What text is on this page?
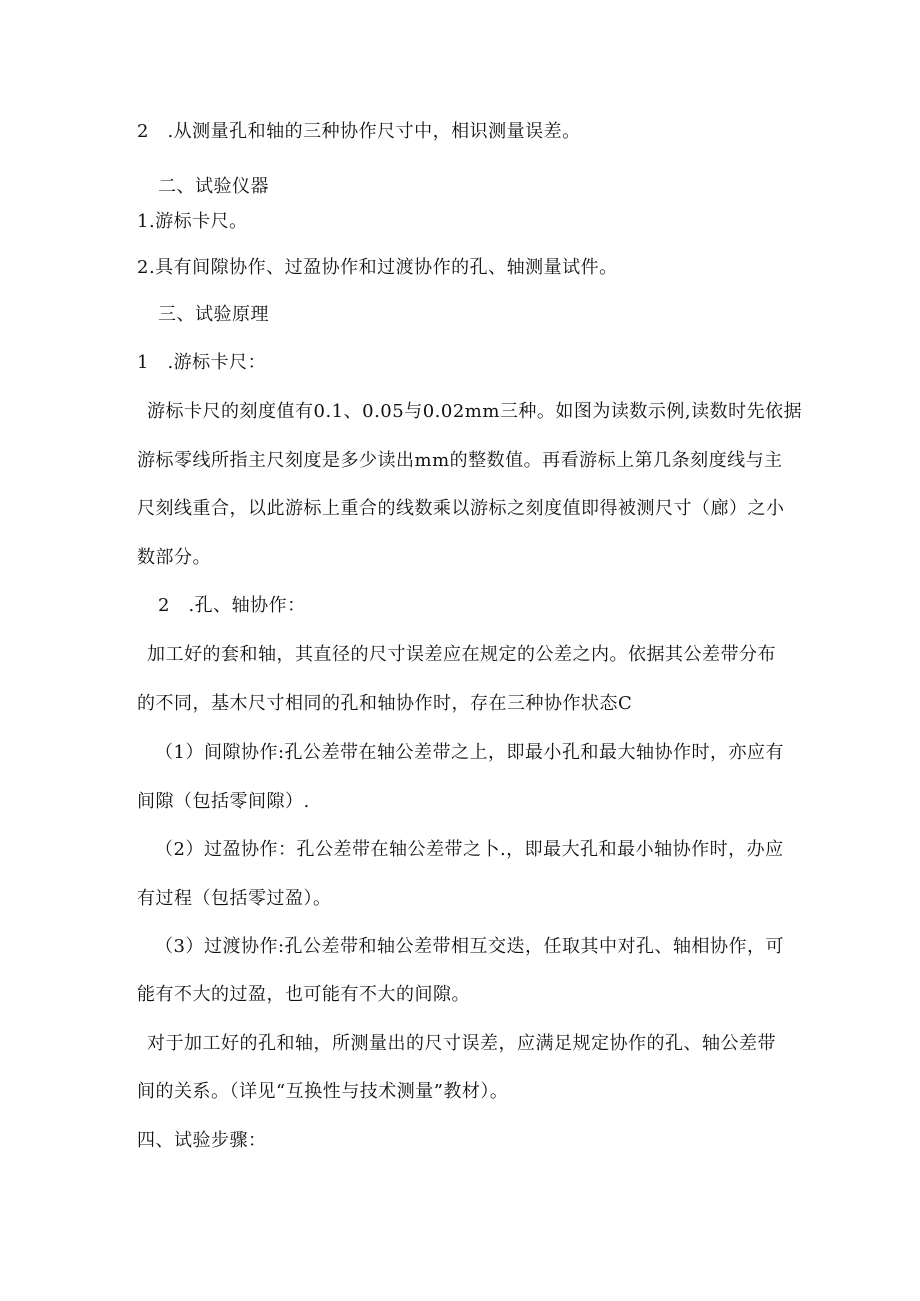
2　.从测量孔和轴的三种协作尺寸中，相识测量误差。
二、试验仪器
1.游标卡尺。
2.具有间隙协作、过盈协作和过渡协作的孔、轴测量试件。
三、试验原理
1　.游标卡尺：
游标卡尺的刻度值有0.1、0.05与0.02mm三种。如图为读数示例,读数时先依据
游标零线所指主尺刻度是多少读出mm的整数值。再看游标上第几条刻度线与主
尺刻线重合，以此游标上重合的线数乘以游标之刻度值即得被测尺寸（廊）之小
数部分。
2　.孔、轴协作：
加工好的套和轴，其直径的尺寸误差应在规定的公差之内。依据其公差带分布
的不同，基木尺寸相同的孔和轴协作时，存在三种协作状态C
（1）间隙协作:孔公差带在轴公差带之上，即最小孔和最大轴协作时，亦应有
间隙（包括零间隙）.
（2）过盈协作：孔公差带在轴公差带之卜.，即最大孔和最小轴协作时，办应
有过程（包括零过盈）。
（3）过渡协作:孔公差带和轴公差带相互交迭，任取其中对孔、轴相协作，可
能有不大的过盈，也可能有不大的间隙。
对于加工好的孔和轴，所测量出的尺寸误差，应满足规定协作的孔、轴公差带
间的关系。（详见“互换性与技术测量”教材）。
四、试验步骤：
